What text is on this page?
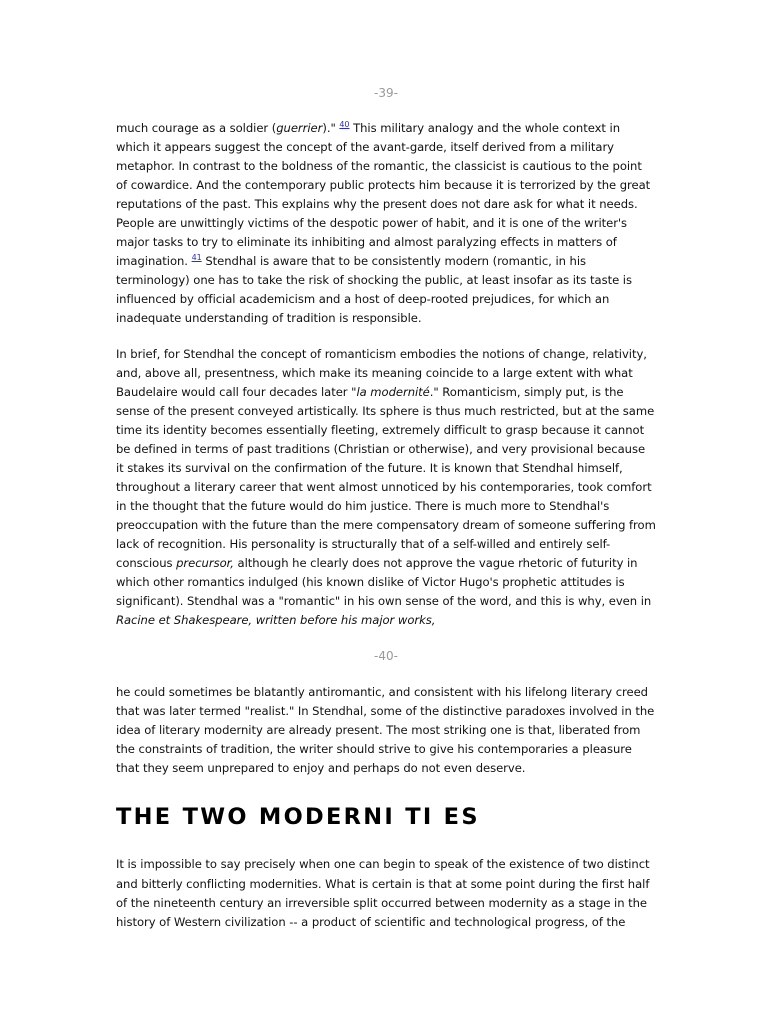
-39-

much courage as a soldier (guerrier)." $^{40}$ This military analogy and the whole context in which it appears suggest the concept of the avant-garde, itself derived from a military metaphor. In contrast to the boldness of the romantic, the classicist is cautious to the point of cowardice. And the contemporary public protects him because it is terrorized by the great reputations of the past. This explains why the present does not dare ask for what it needs. People are unwittingly victims of the despotic power of habit, and it is one of the writer's major tasks to try to eliminate its inhibiting and almost paralyzing effects in matters of imagination. $^{41}$ Stendhal is aware that to be consistently modern (romantic, in his terminology) one has to take the risk of shocking the public, at least insofar as its taste is influenced by official academicism and a host of deep-rooted prejudices, for which an inadequate understanding of tradition is responsible.

In brief, for Stendhal the concept of romanticism embodies the notions of change, relativity, and, above all, presentness, which make its meaning coincide to a large extent with what Baudelaire would call four decades later "la modernité." Romanticism, simply put, is the sense of the present conveyed artistically. Its sphere is thus much restricted, but at the same time its identity becomes essentially fleeting, extremely difficult to grasp because it cannot be defined in terms of past traditions (Christian or otherwise), and very provisional because it stakes its survival on the confirmation of the future. It is known that Stendhal himself, throughout a literary career that went almost unnoticed by his contemporaries, took comfort in the thought that the future would do him justice. There is much more to Stendhal's preoccupation with the future than the mere compensatory dream of someone suffering from lack of recognition. His personality is structurally that of a self-willed and entirely self-conscious precursor, although he clearly does not approve the vague rhetoric of futurity in which other romantics indulged (his known dislike of Victor Hugo's prophetic attitudes is significant). Stendhal was a "romantic" in his own sense of the word, and this is why, even in Racine et Shakespeare, written before his major works,

-40-

he could sometimes be blatantly antiromantic, and consistent with his lifelong literary creed that was later termed "realist." In Stendhal, some of the distinctive paradoxes involved in the idea of literary modernity are already present. The most striking one is that, liberated from the constraints of tradition, the writer should strive to give his contemporaries a pleasure that they seem unprepared to enjoy and perhaps do not even deserve.

THE TWO MODERNI TI ES

It is impossible to say precisely when one can begin to speak of the existence of two distinct and bitterly conflicting modernities. What is certain is that at some point during the first half of the nineteenth century an irreversible split occurred between modernity as a stage in the history of Western civilization -- a product of scientific and technological progress, of the
